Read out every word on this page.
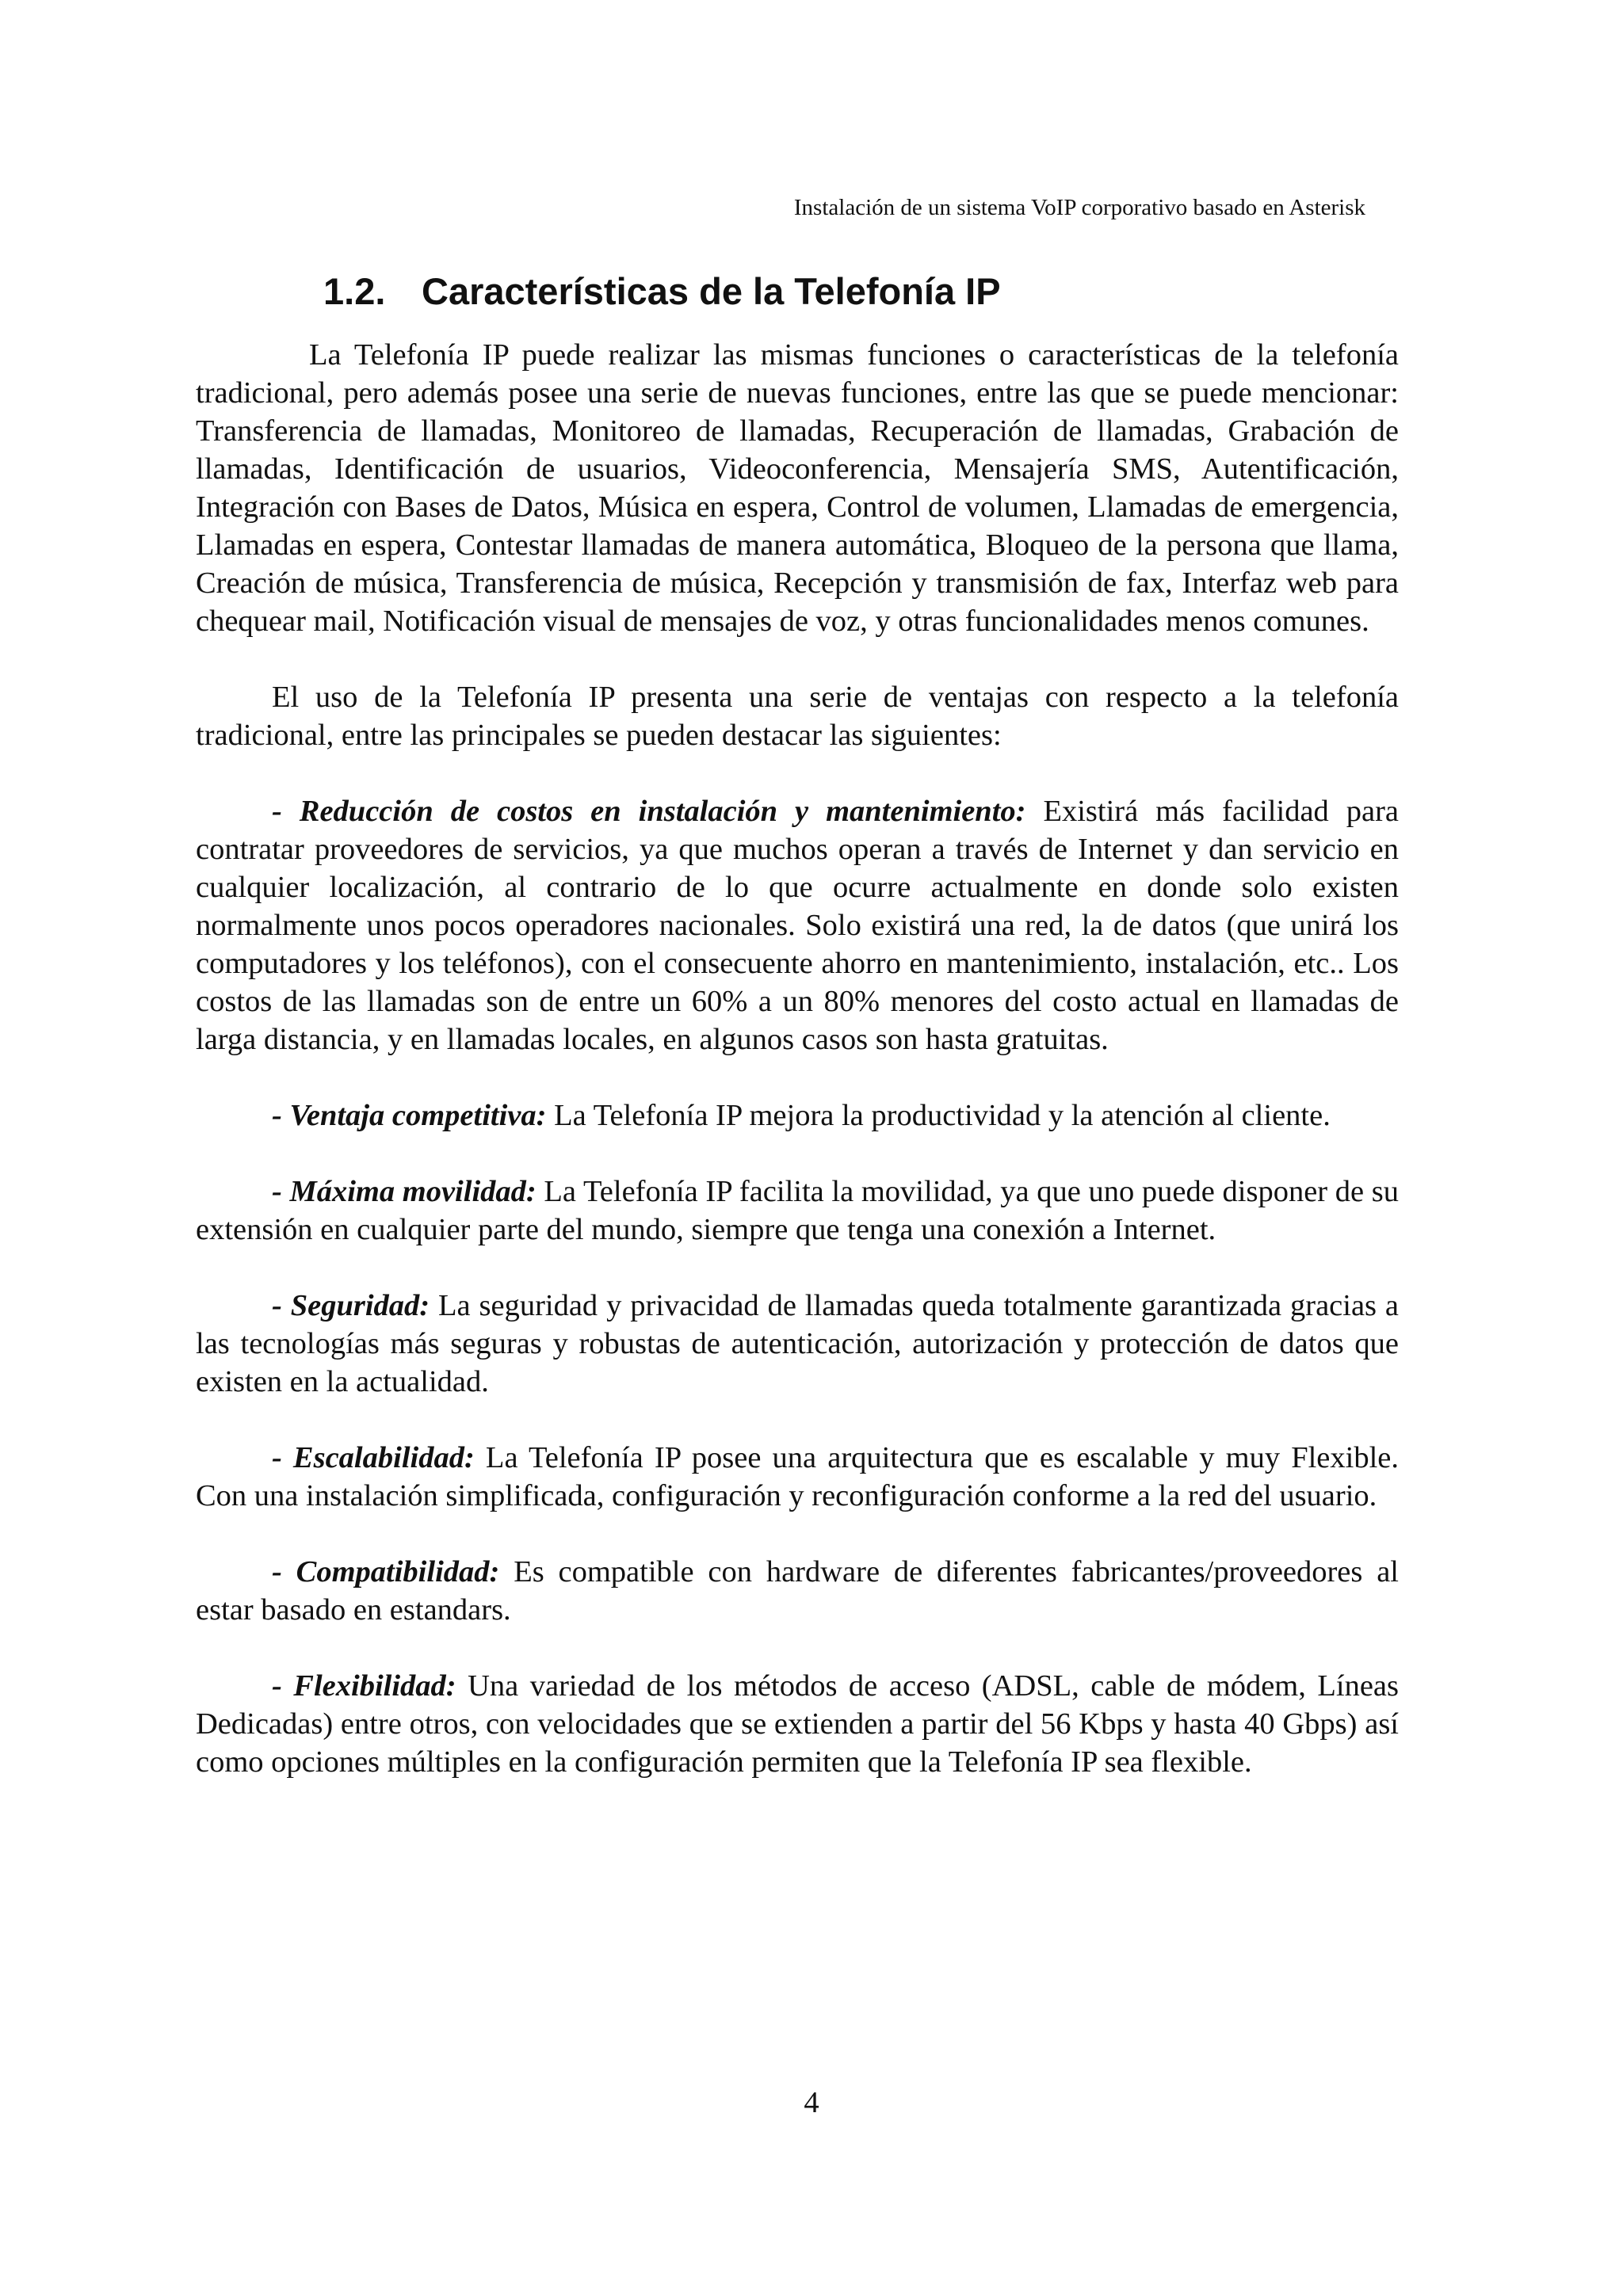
Instalación de un sistema VoIP corporativo basado en Asterisk
1.2. Características de la Telefonía IP

La Telefonía IP puede realizar las mismas funciones o características de la telefonía tradicional, pero además posee una serie de nuevas funciones, entre las que se puede mencionar: Transferencia de llamadas, Monitoreo de llamadas, Recuperación de llamadas, Grabación de llamadas, Identificación de usuarios, Videoconferencia, Mensajería SMS, Autentificación, Integración con Bases de Datos, Música en espera, Control de volumen, Llamadas de emergencia, Llamadas en espera, Contestar llamadas de manera automática, Bloqueo de la persona que llama, Creación de música, Transferencia de música, Recepción y transmisión de fax, Interfaz web para chequear mail, Notificación visual de mensajes de voz, y otras funcionalidades menos comunes.

El uso de la Telefonía IP presenta una serie de ventajas con respecto a la telefonía tradicional, entre las principales se pueden destacar las siguientes:

- Reducción de costos en instalación y mantenimiento: Existirá más facilidad para contratar proveedores de servicios, ya que muchos operan a través de Internet y dan servicio en cualquier localización, al contrario de lo que ocurre actualmente en donde solo existen normalmente unos pocos operadores nacionales. Solo existirá una red, la de datos (que unirá los computadores y los teléfonos), con el consecuente ahorro en mantenimiento, instalación, etc.. Los costos de las llamadas son de entre un 60% a un 80% menores del costo actual en llamadas de larga distancia, y en llamadas locales, en algunos casos son hasta gratuitas.

- Ventaja competitiva: La Telefonía IP mejora la productividad y la atención al cliente.

- Máxima movilidad: La Telefonía IP facilita la movilidad, ya que uno puede disponer de su extensión en cualquier parte del mundo, siempre que tenga una conexión a Internet.

- Seguridad: La seguridad y privacidad de llamadas queda totalmente garantizada gracias a las tecnologías más seguras y robustas de autenticación, autorización y protección de datos que existen en la actualidad.

- Escalabilidad: La Telefonía IP posee una arquitectura que es escalable y muy Flexible. Con una instalación simplificada, configuración y reconfiguración conforme a la red del usuario.

- Compatibilidad: Es compatible con hardware de diferentes fabricantes/proveedores al estar basado en estandars.

- Flexibilidad: Una variedad de los métodos de acceso (ADSL, cable de módem, Líneas Dedicadas) entre otros, con velocidades que se extienden a partir del 56 Kbps y hasta 40 Gbps) así como opciones múltiples en la configuración permiten que la Telefonía IP sea flexible.

4
